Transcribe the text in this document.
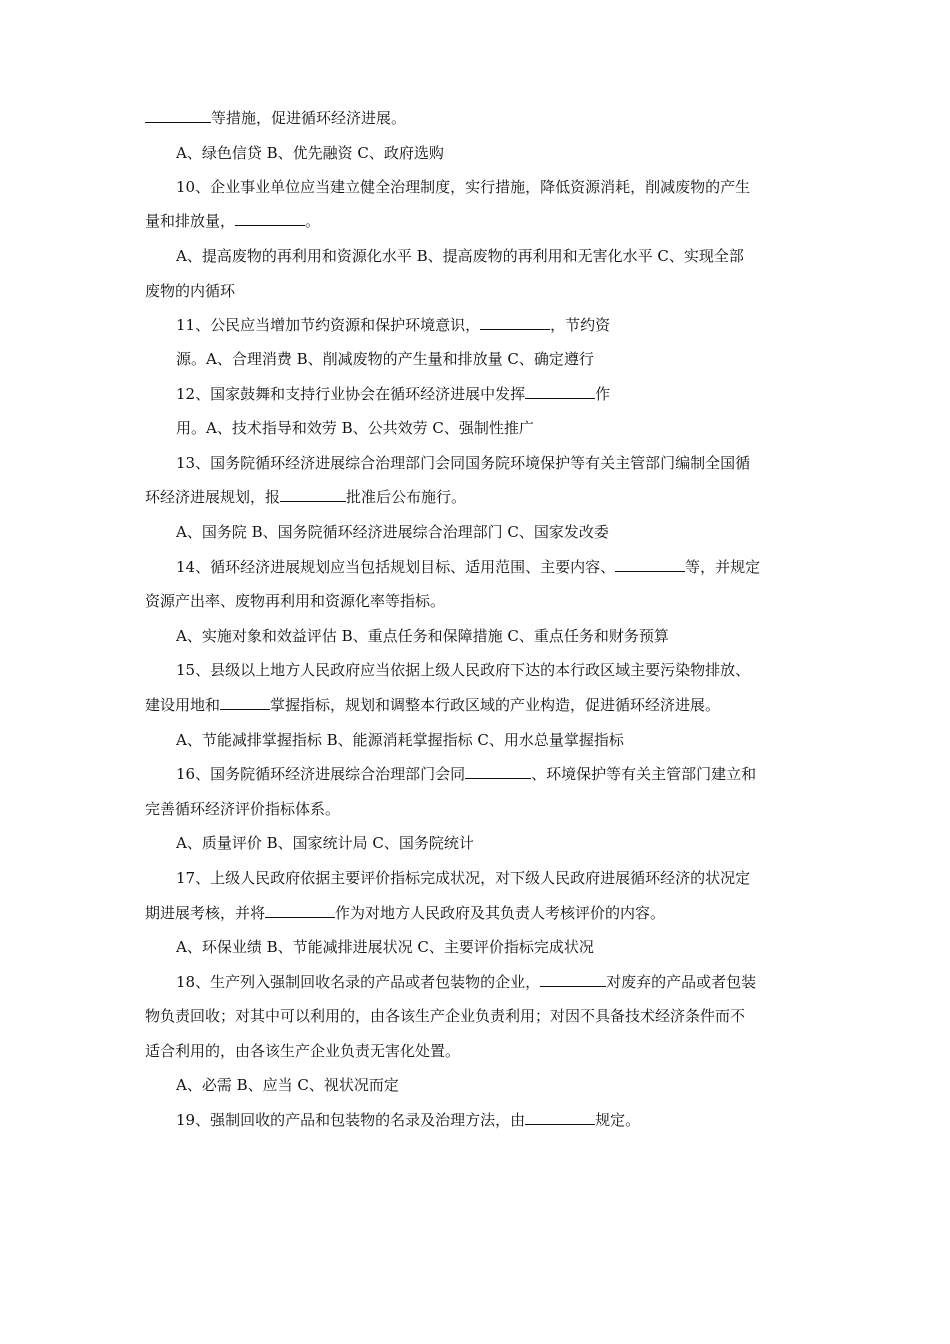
等措施，促进循环经济进展。
A、绿色信贷 B、优先融资 C、政府选购
10、企业事业单位应当建立健全治理制度，实行措施，降低资源消耗，削减废物的产生
量和排放量，	。
A、提高废物的再利用和资源化水平 B、提高废物的再利用和无害化水平 C、实现全部
废物的内循环
11、公民应当增加节约资源和保护环境意识，	，节约资
源。A、合理消费 B、削减废物的产生量和排放量 C、确定遵行
12、国家鼓舞和支持行业协会在循环经济进展中发挥	作
用。A、技术指导和效劳 B、公共效劳 C、强制性推广
13、国务院循环经济进展综合治理部门会同国务院环境保护等有关主管部门编制全国循
环经济进展规划，报	批准后公布施行。
A、国务院 B、国务院循环经济进展综合治理部门 C、国家发改委
14、循环经济进展规划应当包括规划目标、适用范围、主要内容、	等，并规定
资源产出率、废物再利用和资源化率等指标。
A、实施对象和效益评估 B、重点任务和保障措施 C、重点任务和财务预算
15、县级以上地方人民政府应当依据上级人民政府下达的本行政区域主要污染物排放、
建设用地和	掌握指标，规划和调整本行政区域的产业构造，促进循环经济进展。
A、节能减排掌握指标 B、能源消耗掌握指标 C、用水总量掌握指标
16、国务院循环经济进展综合治理部门会同	、环境保护等有关主管部门建立和
完善循环经济评价指标体系。
A、质量评价 B、国家统计局 C、国务院统计
17、上级人民政府依据主要评价指标完成状况，对下级人民政府进展循环经济的状况定
期进展考核，并将	作为对地方人民政府及其负责人考核评价的内容。
A、环保业绩 B、节能减排进展状况 C、主要评价指标完成状况
18、生产列入强制回收名录的产品或者包装物的企业，	对废弃的产品或者包装
物负责回收；对其中可以利用的，由各该生产企业负责利用；对因不具备技术经济条件而不
适合利用的，由各该生产企业负责无害化处置。
A、必需 B、应当 C、视状况而定
19、强制回收的产品和包装物的名录及治理方法，由	规定。
